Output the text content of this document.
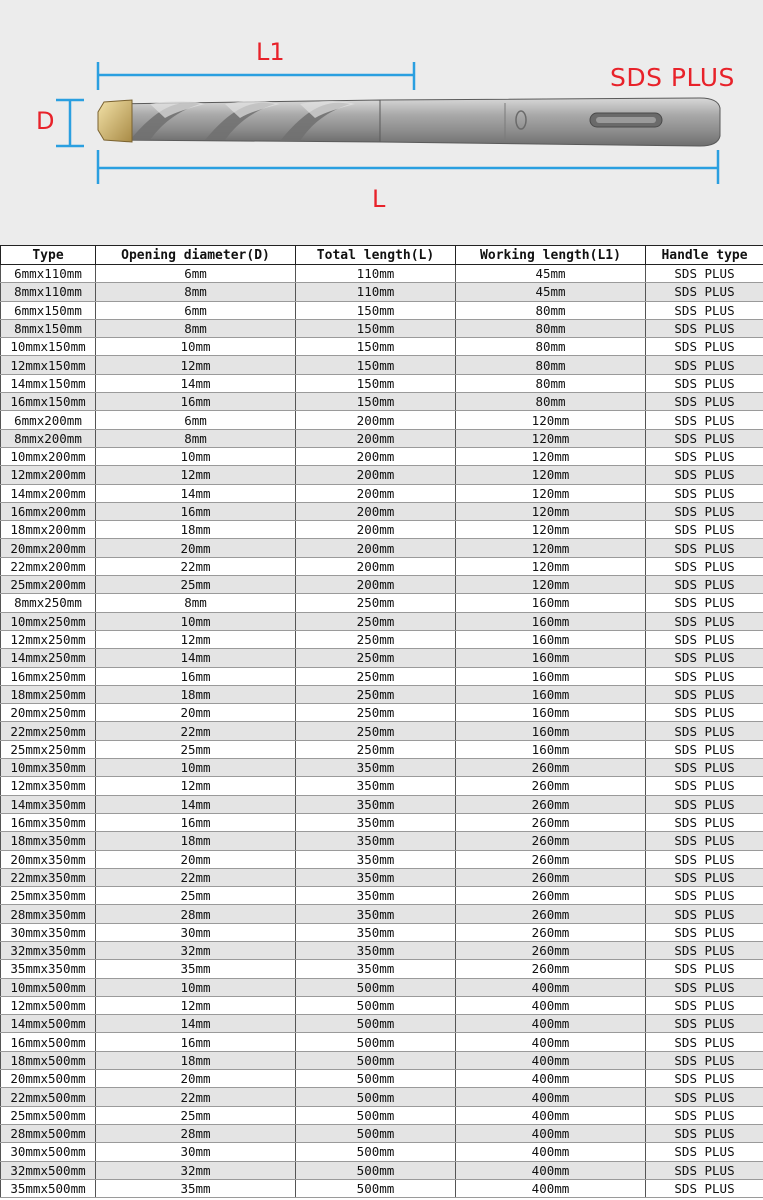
L1
D
L
SDS PLUS
Type	Opening diameter(D)	Total length(L)	Working length(L1)	Handle type
6mmx110mm	6mm	110mm	45mm	SDS PLUS
8mmx110mm	8mm	110mm	45mm	SDS PLUS
6mmx150mm	6mm	150mm	80mm	SDS PLUS
8mmx150mm	8mm	150mm	80mm	SDS PLUS
10mmx150mm	10mm	150mm	80mm	SDS PLUS
12mmx150mm	12mm	150mm	80mm	SDS PLUS
14mmx150mm	14mm	150mm	80mm	SDS PLUS
16mmx150mm	16mm	150mm	80mm	SDS PLUS
6mmx200mm	6mm	200mm	120mm	SDS PLUS
8mmx200mm	8mm	200mm	120mm	SDS PLUS
10mmx200mm	10mm	200mm	120mm	SDS PLUS
12mmx200mm	12mm	200mm	120mm	SDS PLUS
14mmx200mm	14mm	200mm	120mm	SDS PLUS
16mmx200mm	16mm	200mm	120mm	SDS PLUS
18mmx200mm	18mm	200mm	120mm	SDS PLUS
20mmx200mm	20mm	200mm	120mm	SDS PLUS
22mmx200mm	22mm	200mm	120mm	SDS PLUS
25mmx200mm	25mm	200mm	120mm	SDS PLUS
8mmx250mm	8mm	250mm	160mm	SDS PLUS
10mmx250mm	10mm	250mm	160mm	SDS PLUS
12mmx250mm	12mm	250mm	160mm	SDS PLUS
14mmx250mm	14mm	250mm	160mm	SDS PLUS
16mmx250mm	16mm	250mm	160mm	SDS PLUS
18mmx250mm	18mm	250mm	160mm	SDS PLUS
20mmx250mm	20mm	250mm	160mm	SDS PLUS
22mmx250mm	22mm	250mm	160mm	SDS PLUS
25mmx250mm	25mm	250mm	160mm	SDS PLUS
10mmx350mm	10mm	350mm	260mm	SDS PLUS
12mmx350mm	12mm	350mm	260mm	SDS PLUS
14mmx350mm	14mm	350mm	260mm	SDS PLUS
16mmx350mm	16mm	350mm	260mm	SDS PLUS
18mmx350mm	18mm	350mm	260mm	SDS PLUS
20mmx350mm	20mm	350mm	260mm	SDS PLUS
22mmx350mm	22mm	350mm	260mm	SDS PLUS
25mmx350mm	25mm	350mm	260mm	SDS PLUS
28mmx350mm	28mm	350mm	260mm	SDS PLUS
30mmx350mm	30mm	350mm	260mm	SDS PLUS
32mmx350mm	32mm	350mm	260mm	SDS PLUS
35mmx350mm	35mm	350mm	260mm	SDS PLUS
10mmx500mm	10mm	500mm	400mm	SDS PLUS
12mmx500mm	12mm	500mm	400mm	SDS PLUS
14mmx500mm	14mm	500mm	400mm	SDS PLUS
16mmx500mm	16mm	500mm	400mm	SDS PLUS
18mmx500mm	18mm	500mm	400mm	SDS PLUS
20mmx500mm	20mm	500mm	400mm	SDS PLUS
22mmx500mm	22mm	500mm	400mm	SDS PLUS
25mmx500mm	25mm	500mm	400mm	SDS PLUS
28mmx500mm	28mm	500mm	400mm	SDS PLUS
30mmx500mm	30mm	500mm	400mm	SDS PLUS
32mmx500mm	32mm	500mm	400mm	SDS PLUS
35mmx500mm	35mm	500mm	400mm	SDS PLUS
